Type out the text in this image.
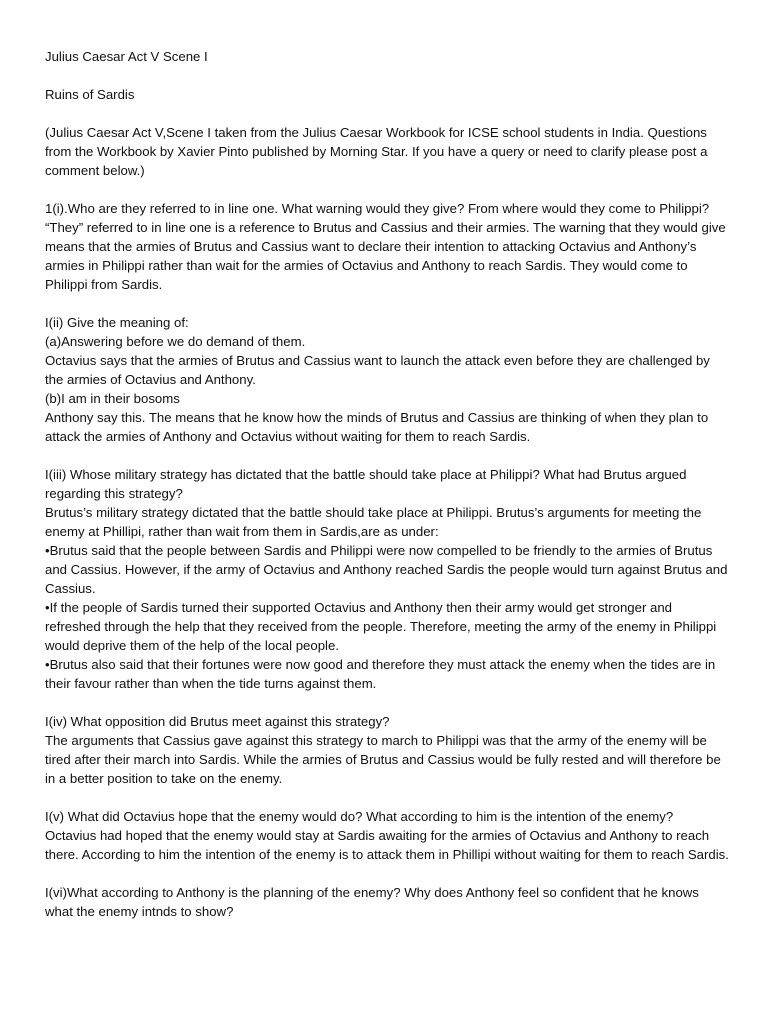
Julius Caesar Act V Scene I

Ruins of Sardis

(Julius Caesar Act V,Scene I taken from the Julius Caesar Workbook for ICSE school students in India. Questions from the Workbook by Xavier Pinto published by Morning Star. If you have a query or need to clarify please post a comment below.)

1(i).Who are they referred to in line one. What warning would they give? From where would they come to Philippi?
“They” referred to in line one is a reference to Brutus and Cassius and their armies. The warning that they would give means that the armies of Brutus and Cassius want to declare their intention to attacking Octavius and Anthony’s armies in Philippi rather than wait for the armies of Octavius and Anthony to reach Sardis. They would come to Philippi from Sardis.
I(ii) Give the meaning of:
(a)Answering before we do demand of them.
Octavius says that the armies of Brutus and Cassius want to launch the attack even before they are challenged by the armies of Octavius and Anthony.
(b)I am in their bosoms
Anthony say this. The means that he know how the minds of Brutus and Cassius are thinking of when they plan to attack the armies of Anthony and Octavius without waiting for them to reach Sardis.
I(iii) Whose military strategy has dictated that the battle should take place at Philippi? What had Brutus argued regarding this strategy?
Brutus’s military strategy dictated that the battle should take place at Philippi. Brutus’s arguments for meeting the enemy at Phillipi, rather than wait from them in Sardis,are as under:
•Brutus said that the people between Sardis and Philippi were now compelled to be friendly to the armies of Brutus and Cassius. However, if the army of Octavius and Anthony reached Sardis the people would turn against Brutus and Cassius.
•If the people of Sardis turned their supported Octavius and Anthony then their army would get stronger and refreshed through the help that they received from the people. Therefore, meeting the army of the enemy in Philippi would deprive them of the help of the local people.
•Brutus also said that their fortunes were now good and therefore they must attack the enemy when the tides are in their favour rather than when the tide turns against them.
I(iv) What opposition did Brutus meet against this strategy?
The arguments that Cassius gave against this strategy to march to Philippi was that the army of the enemy will be tired after their march into Sardis. While the armies of Brutus and Cassius would be fully rested and will therefore be in a better position to take on the enemy.
I(v) What did Octavius hope that the enemy would do? What according to him is the intention of the enemy?
Octavius had hoped that the enemy would stay at Sardis awaiting for the armies of Octavius and Anthony to reach there. According to him the intention of the enemy is to attack them in Phillipi without waiting for them to reach Sardis.
I(vi)What according to Anthony is the planning of the enemy? Why does Anthony feel so confident that he knows what the enemy intnds to show?
